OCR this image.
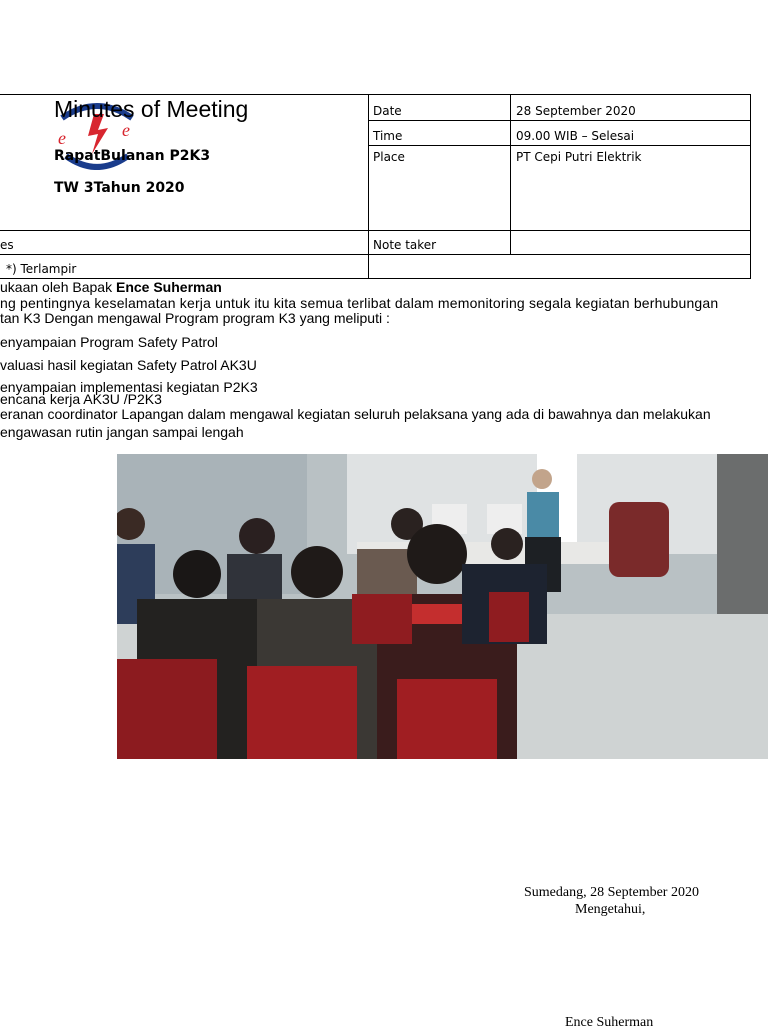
e	e
Minutes of Meeting
RapatBulanan P2K3
TW 3Tahun 2020
Date	28 September 2020
Time	09.00 WIB – Selesai
Place	PT Cepi Putri Elektrik
es	Note taker
*) Terlampir
ukaan oleh Bapak Ence Suherman
ng pentingnya keselamatan kerja untuk itu kita semua terlibat dalam memonitoring segala kegiatan berhubungan
tan K3 Dengan mengawal Program program K3 yang meliputi :
enyampaian Program Safety Patrol
valuasi hasil kegiatan Safety Patrol AK3U
enyampaian implementasi kegiatan P2K3
encana kerja AK3U /P2K3
eranan coordinator Lapangan dalam mengawal kegiatan seluruh pelaksana yang ada di bawahnya dan melakukan
engawasan rutin jangan sampai lengah
Sumedang, 28 September 2020
Mengetahui,
Ence Suherman
